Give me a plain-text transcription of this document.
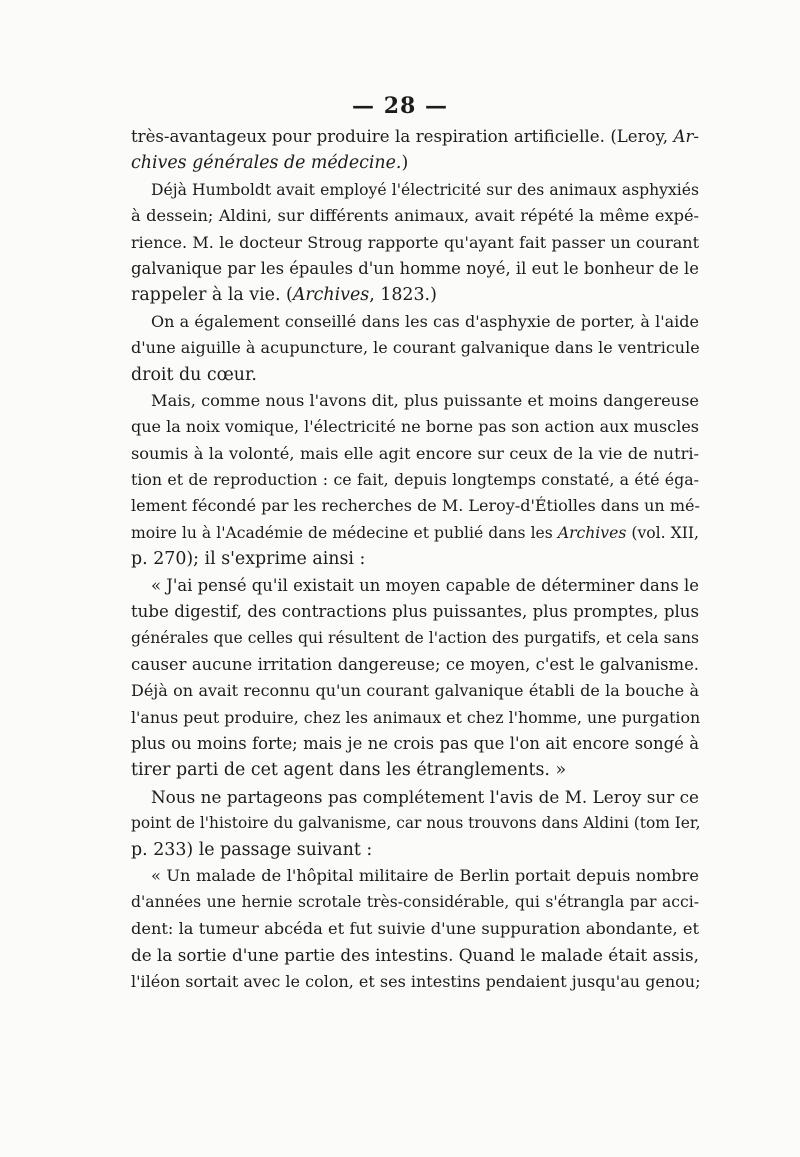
— 28 —
très-avantageux pour produire la respiration artificielle. (Leroy, Ar-
chives générales de médecine.)
Déjà Humboldt avait employé l'électricité sur des animaux asphyxiés
à dessein; Aldini, sur différents animaux, avait répété la même expé-
rience. M. le docteur Stroug rapporte qu'ayant fait passer un courant
galvanique par les épaules d'un homme noyé, il eut le bonheur de le
rappeler à la vie. (Archives, 1823.)
On a également conseillé dans les cas d'asphyxie de porter, à l'aide
d'une aiguille à acupuncture, le courant galvanique dans le ventricule
droit du cœur.
Mais, comme nous l'avons dit, plus puissante et moins dangereuse
que la noix vomique, l'électricité ne borne pas son action aux muscles
soumis à la volonté, mais elle agit encore sur ceux de la vie de nutri-
tion et de reproduction : ce fait, depuis longtemps constaté, a été éga-
lement fécondé par les recherches de M. Leroy-d'Étiolles dans un mé-
moire lu à l'Académie de médecine et publié dans les Archives (vol. XII,
p. 270); il s'exprime ainsi :
« J'ai pensé qu'il existait un moyen capable de déterminer dans le
tube digestif, des contractions plus puissantes, plus promptes, plus
générales que celles qui résultent de l'action des purgatifs, et cela sans
causer aucune irritation dangereuse; ce moyen, c'est le galvanisme.
Déjà on avait reconnu qu'un courant galvanique établi de la bouche à
l'anus peut produire, chez les animaux et chez l'homme, une purgation
plus ou moins forte; mais je ne crois pas que l'on ait encore songé à
tirer parti de cet agent dans les étranglements. »
Nous ne partageons pas complétement l'avis de M. Leroy sur ce
point de l'histoire du galvanisme, car nous trouvons dans Aldini (tom Ier,
p. 233) le passage suivant :
« Un malade de l'hôpital militaire de Berlin portait depuis nombre
d'années une hernie scrotale très-considérable, qui s'étrangla par acci-
dent: la tumeur abcéda et fut suivie d'une suppuration abondante, et
de la sortie d'une partie des intestins. Quand le malade était assis,
l'iléon sortait avec le colon, et ses intestins pendaient jusqu'au genou;
